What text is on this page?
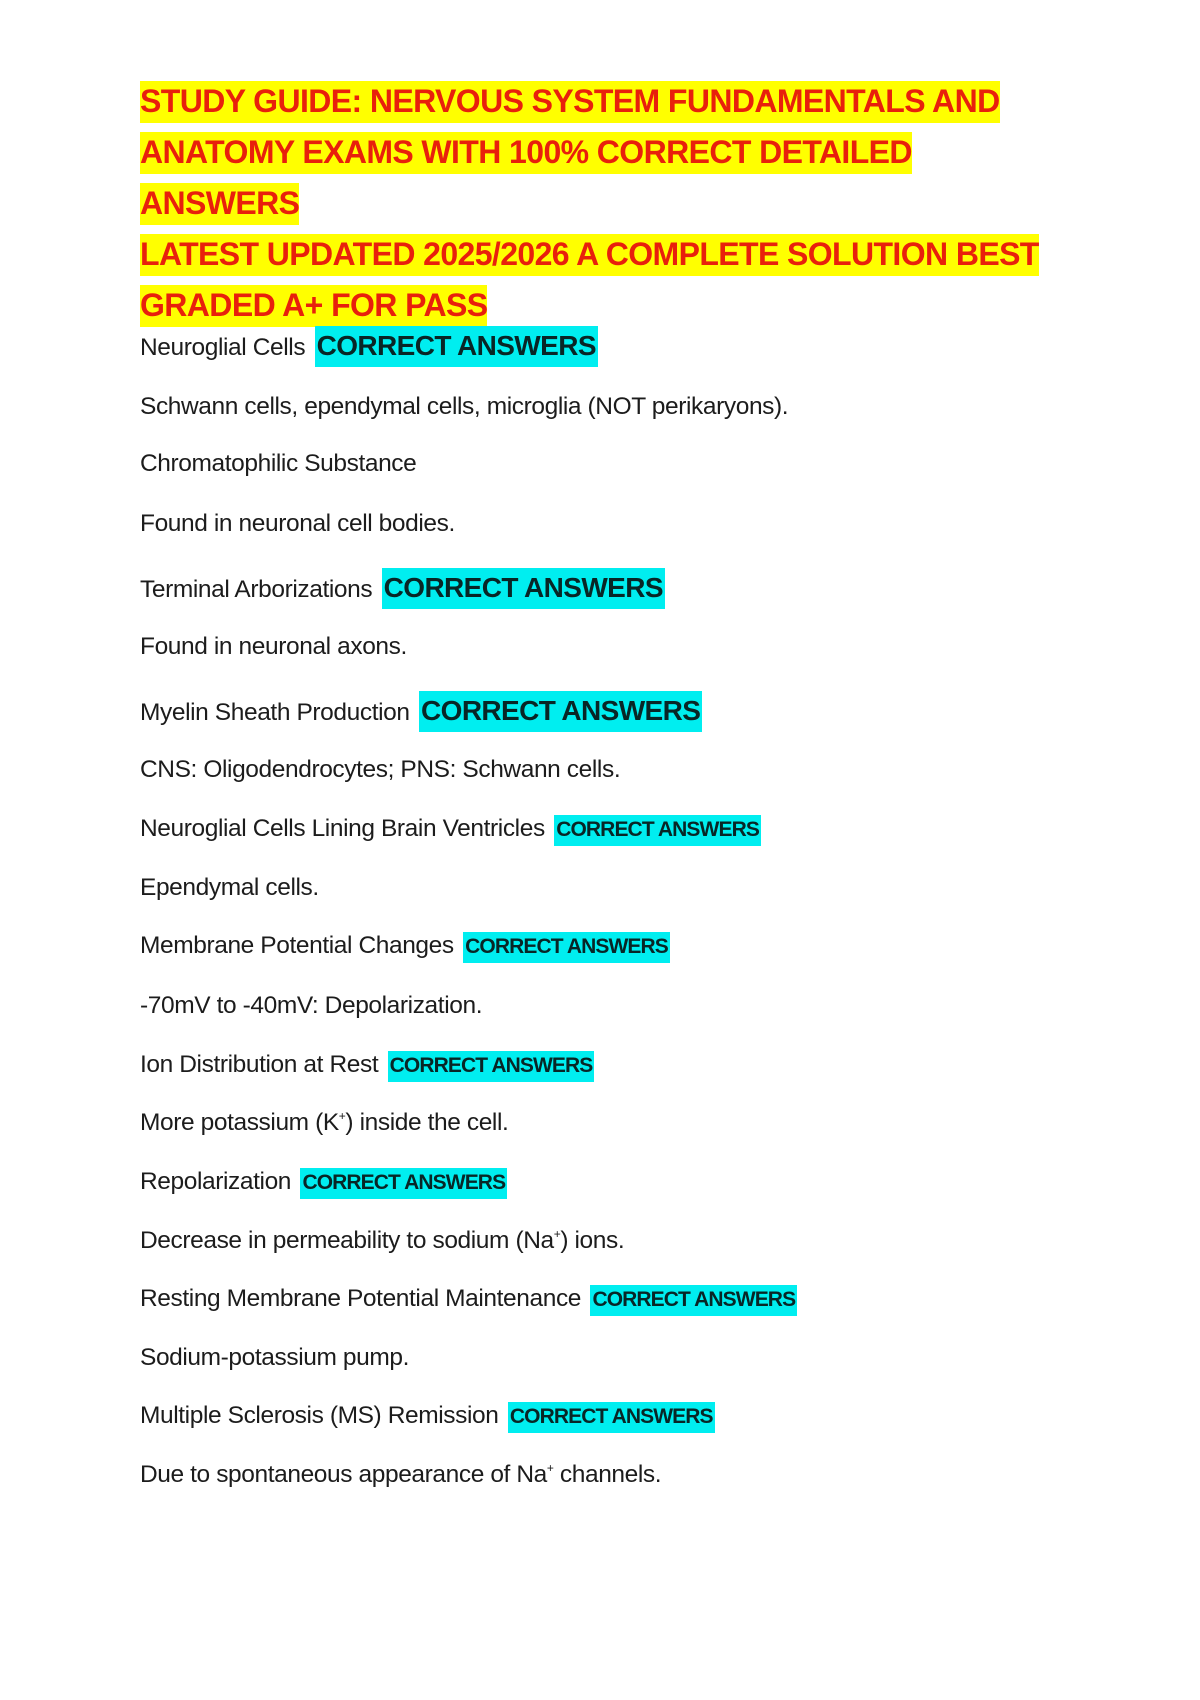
STUDY GUIDE: NERVOUS SYSTEM FUNDAMENTALS AND
ANATOMY EXAMS WITH 100% CORRECT DETAILED ANSWERS
LATEST UPDATED 2025/2026 A COMPLETE SOLUTION BEST
GRADED A+ FOR PASS
Neuroglial Cells CORRECT ANSWERS
Schwann cells, ependymal cells, microglia (NOT perikaryons).
Chromatophilic Substance
Found in neuronal cell bodies.
Terminal Arborizations CORRECT ANSWERS
Found in neuronal axons.
Myelin Sheath Production CORRECT ANSWERS
CNS: Oligodendrocytes; PNS: Schwann cells.
Neuroglial Cells Lining Brain Ventricles CORRECT ANSWERS
Ependymal cells.
Membrane Potential Changes CORRECT ANSWERS
-70mV to -40mV: Depolarization.
Ion Distribution at Rest CORRECT ANSWERS
More potassium (K+) inside the cell.
Repolarization CORRECT ANSWERS
Decrease in permeability to sodium (Na+) ions.
Resting Membrane Potential Maintenance CORRECT ANSWERS
Sodium-potassium pump.
Multiple Sclerosis (MS) Remission CORRECT ANSWERS
Due to spontaneous appearance of Na+ channels.
